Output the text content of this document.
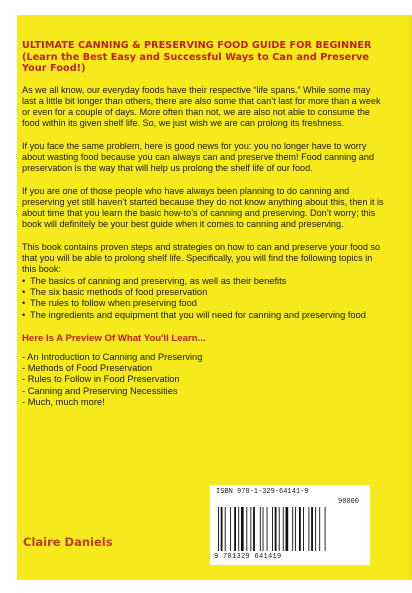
ULTIMATE CANNING & PRESERVING FOOD GUIDE FOR BEGINNER (Learn the Best Easy and Successful Ways to Can and Preserve Your Food!)

As we all know, our everyday foods have their respective “life spans.” While some may last a little bit longer than others, there are also some that can’t last for more than a week or even for a couple of days. More often than not, we are also not able to consume the food within its given shelf life. So, we just wish we are can prolong its freshness.

If you face the same problem, here is good news for you: you no longer have to worry about wasting food because you can always can and preserve them! Food canning and preservation is the way that will help us prolong the shelf life of our food.

If you are one of those people who have always been planning to do canning and preserving yet still haven’t started because they do not know anything about this, then it is about time that you learn the basic how-to’s of canning and preserving. Don’t worry; this book will definitely be your best guide when it comes to canning and preserving.

This book contains proven steps and strategies on how to can and preserve your food so that you will be able to prolong shelf life. Specifically, you will find the following topics in this book:

• The basics of canning and preserving, as well as their benefits
• The six basic methods of food preservation
• The rules to follow when preserving food
• The ingredients and equipment that you will need for canning and preserving food
Here Is A Preview Of What You'll Learn...
- An Introduction to Canning and Preserving
- Methods of Food Preservation
- Rules to Follow in Food Preservation
- Canning and Preserving Necessities
- Much, much more!
Claire Daniels
ISBN 978-1-329-64141-9
90000
9 781329 641419
